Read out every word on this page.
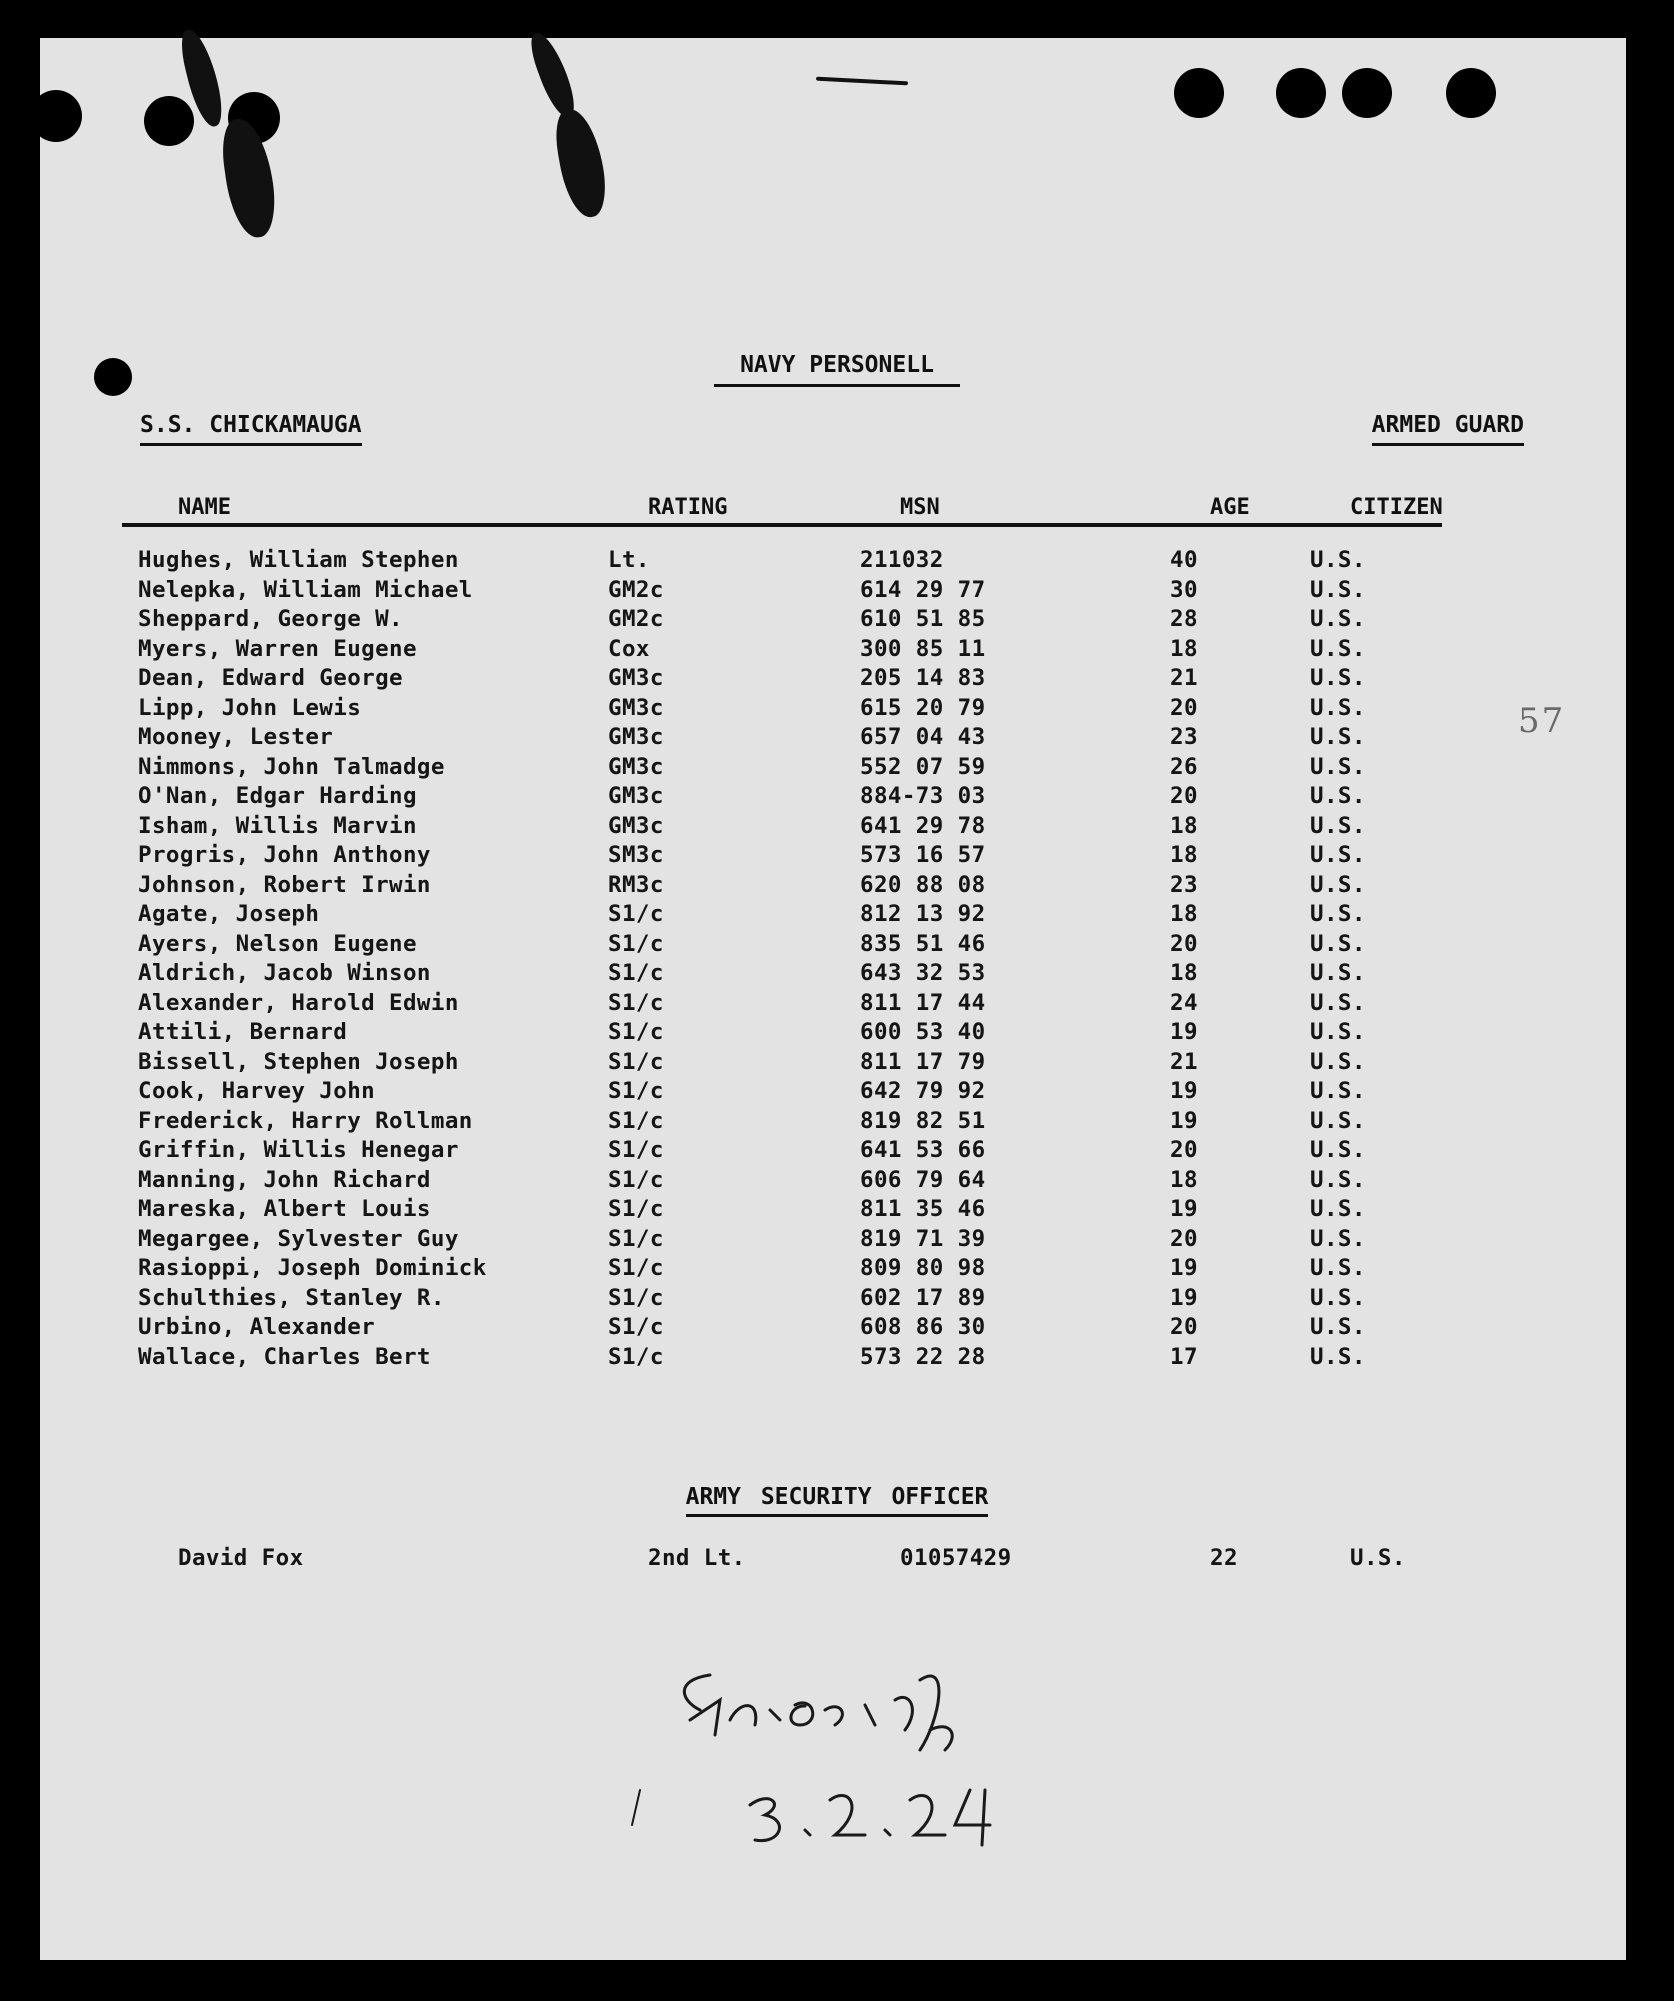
57
NAVY PERSONELL
S.S. CHICKAMAUGA	ARMED GUARD
NAME	RATING	MSN	AGE	CITIZEN
Hughes, William Stephen	Lt.	211032	40	U.S.
Nelepka, William Michael	GM2c	614 29 77	30	U.S.
Sheppard, George W.	GM2c	610 51 85	28	U.S.
Myers, Warren Eugene	Cox	300 85 11	18	U.S.
Dean, Edward George	GM3c	205 14 83	21	U.S.
Lipp, John Lewis	GM3c	615 20 79	20	U.S.
Mooney, Lester	GM3c	657 04 43	23	U.S.
Nimmons, John Talmadge	GM3c	552 07 59	26	U.S.
O'Nan, Edgar Harding	GM3c	884-73 03	20	U.S.
Isham, Willis Marvin	GM3c	641 29 78	18	U.S.
Progris, John Anthony	SM3c	573 16 57	18	U.S.
Johnson, Robert Irwin	RM3c	620 88 08	23	U.S.
Agate, Joseph	S1/c	812 13 92	18	U.S.
Ayers, Nelson Eugene	S1/c	835 51 46	20	U.S.
Aldrich, Jacob Winson	S1/c	643 32 53	18	U.S.
Alexander, Harold Edwin	S1/c	811 17 44	24	U.S.
Attili, Bernard	S1/c	600 53 40	19	U.S.
Bissell, Stephen Joseph	S1/c	811 17 79	21	U.S.
Cook, Harvey John	S1/c	642 79 92	19	U.S.
Frederick, Harry Rollman	S1/c	819 82 51	19	U.S.
Griffin, Willis Henegar	S1/c	641 53 66	20	U.S.
Manning, John Richard	S1/c	606 79 64	18	U.S.
Mareska, Albert Louis	S1/c	811 35 46	19	U.S.
Megargee, Sylvester Guy	S1/c	819 71 39	20	U.S.
Rasioppi, Joseph Dominick	S1/c	809 80 98	19	U.S.
Schulthies, Stanley R.	S1/c	602 17 89	19	U.S.
Urbino, Alexander	S1/c	608 86 30	20	U.S.
Wallace, Charles Bert	S1/c	573 22 28	17	U.S.
ARMY SECURITY OFFICER
David Fox	2nd Lt.	01057429	22	U.S.
